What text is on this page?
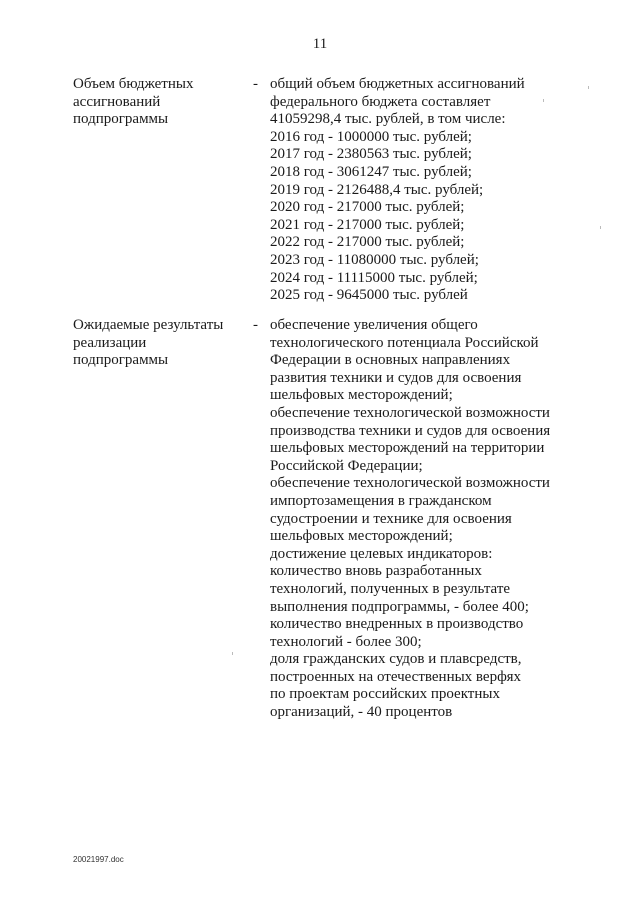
11
Объем бюджетных
ассигнований
подпрограммы
- общий объем бюджетных ассигнований
федерального бюджета составляет
41059298,4 тыс. рублей, в том числе:
2016 год - 1000000 тыс. рублей;
2017 год - 2380563 тыс. рублей;
2018 год - 3061247 тыс. рублей;
2019 год - 2126488,4 тыс. рублей;
2020 год - 217000 тыс. рублей;
2021 год - 217000 тыс. рублей;
2022 год - 217000 тыс. рублей;
2023 год - 11080000 тыс. рублей;
2024 год - 11115000 тыс. рублей;
2025 год - 9645000 тыс. рублей
Ожидаемые результаты
реализации
подпрограммы
- обеспечение увеличения общего
технологического потенциала Российской
Федерации в основных направлениях
развития техники и судов для освоения
шельфовых месторождений;
обеспечение технологической возможности
производства техники и судов для освоения
шельфовых месторождений на территории
Российской Федерации;
обеспечение технологической возможности
импортозамещения в гражданском
судостроении и технике для освоения
шельфовых месторождений;
достижение целевых индикаторов:
количество вновь разработанных
технологий, полученных в результате
выполнения подпрограммы, - более 400;
количество внедренных в производство
технологий - более 300;
доля гражданских судов и плавсредств,
построенных на отечественных верфях
по проектам российских проектных
организаций, - 40 процентов
20021997.doc
